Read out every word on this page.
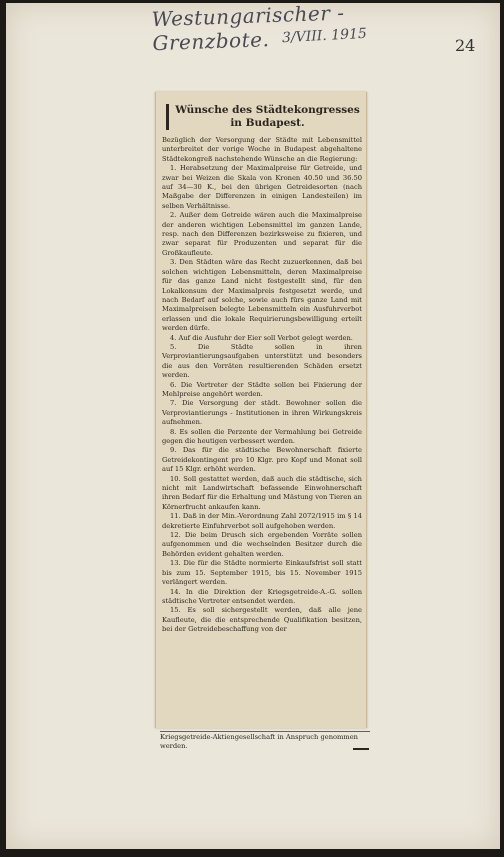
Westungarischer - Grenzbote. 3/VIII. 1915	24
Wünsche des Städtekongresses in Budapest.

Bezüglich der Versorgung der Städte mit Lebensmittel unterbreitet der vorige Woche in Budapest abgehaltene Städtekongreß nachstehende Wünsche an die Regierung:

1. Herabsetzung der Maximalpreise für Getreide, und zwar bei Weizen die Skala von Kronen 40.50 und 36.50 auf 34—30 K., bei den übrigen Getreidesorten (nach Maßgabe der Differenzen in einigen Landesteilen) im selben Verhältnisse.

2. Außer dem Getreide wären auch die Maximalpreise der anderen wichtigen Lebensmittel im ganzen Lande, resp. nach den Differenzen bezirksweise zu fixieren, und zwar separat für Produzenten und separat für die Großkaufleute.

3. Den Städten wäre das Recht zuzuerkennen, daß bei solchen wichtigen Lebensmitteln, deren Maximalpreise für das ganze Land nicht festgestellt sind, für den Lokalkonsum der Maximalpreis festgesetzt werde, und nach Bedarf auf solche, sowie auch fürs ganze Land mit Maximalpreisen belegte Lebensmitteln ein Ausfuhrverbot erlassen und die lokale Requirierungsbewilligung erteilt werden dürfe.

4. Auf die Ausfuhr der Eier soll Verbot gelegt werden.

5. Die Städte sollen in ihren Verproviantierungsaufgaben unterstützt und besonders die aus den Vorräten resultierenden Schäden ersetzt werden.

6. Die Vertreter der Städte sollen bei Fixierung der Mehlpreise angehört werden.

7. Die Versorgung der städt. Bewohner sollen die Verproviantierungs - Institutionen in ihren Wirkungskreis aufnehmen.

8. Es sollen die Perzente der Vermahlung bei Getreide gegen die heutigen verbessert werden.

9. Das für die städtische Bewohnerschaft fixierte Getreidekontingent pro 10 Klgr. pro Kopf und Monat soll auf 15 Klgr. erhöht werden.

10. Soll gestattet werden, daß auch die städtische, sich nicht mit Landwirtschaft befassende Einwohnerschaft ihren Bedarf für die Erhaltung und Mästung von Tieren an Körnerfrucht ankaufen kann.

11. Daß in der Min.-Verordnung Zahl 2072/1915 im § 14 dekretierte Einfuhrverbot soll aufgehoben werden.

12. Die beim Drusch sich ergebenden Vorräte sollen aufgenommen und die wechselnden Besitzer durch die Behörden evident gehalten werden.

13. Die für die Städte normierte Einkaufsfrist soll statt bis zum 15. September 1915, bis 15. November 1915 verlängert werden.

14. In die Direktion der Kriegsgetreide-A.-G. sollen städtische Vertreter entsendet werden.

15. Es soll sichergestellt werden, daß alle jene Kaufleute, die die entsprechende Qualifikation besitzen, bei der Getreidebeschaffung von der

Kriegsgetreide-Aktiengesellschaft in Anspruch genommen werden.
